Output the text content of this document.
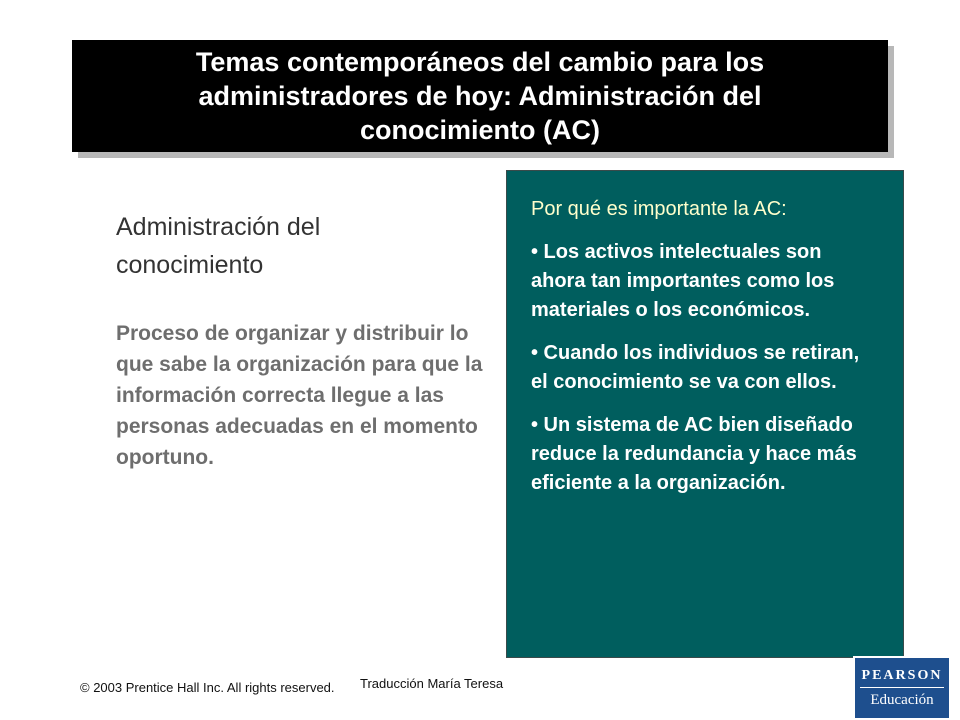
Temas contemporáneos del cambio para los administradores de hoy: Administración del conocimiento (AC)
Administración del conocimiento
Proceso de organizar y distribuir lo que sabe la organización para que la información correcta llegue a las personas adecuadas en el momento oportuno.

Por qué es importante la AC:

• Los activos intelectuales son ahora tan importantes como los materiales o los económicos.

• Cuando los individuos se retiran, el conocimiento se va con ellos.

• Un sistema de AC bien diseñado reduce la redundancia y hace más eficiente a la organización.

© 2003 Prentice Hall Inc. All rights reserved. Traducción María Teresa
PEARSON
Educación
